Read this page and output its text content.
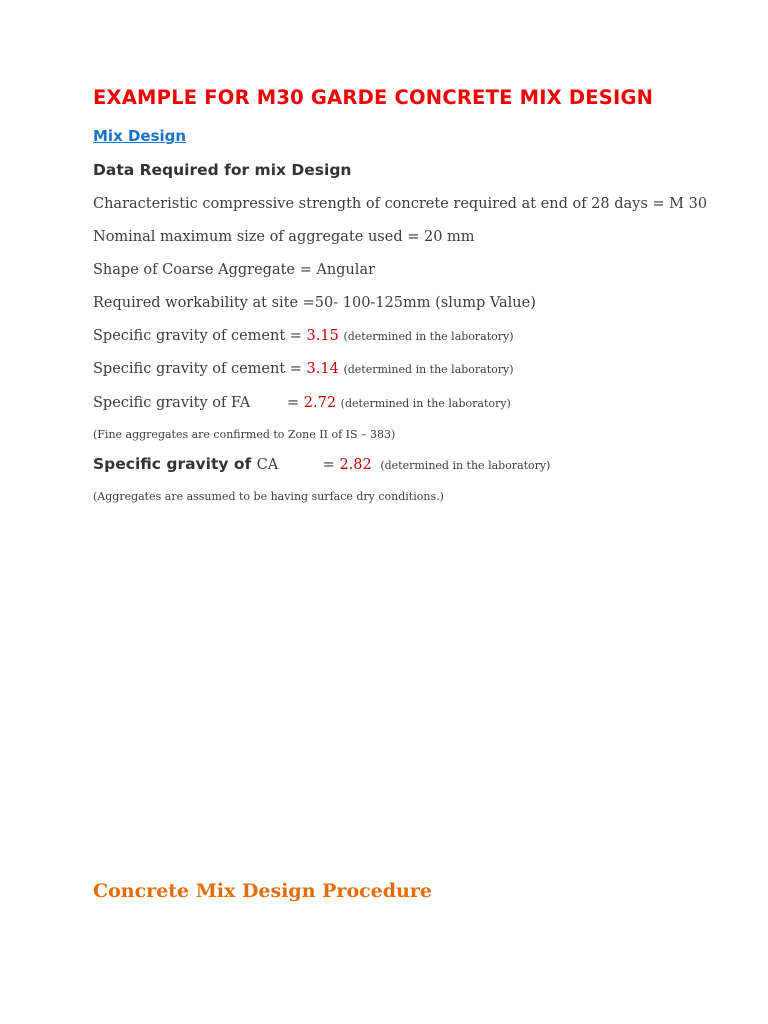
EXAMPLE FOR M30 GARDE CONCRETE MIX DESIGN
Mix Design
Data Required for mix Design
Characteristic compressive strength of concrete required at end of 28 days = M 30
Nominal maximum size of aggregate used = 20 mm
Shape of Coarse Aggregate = Angular
Required workability at site =50- 100-125mm (slump Value)
Specific gravity of cement = 3.15 (determined in the laboratory)
Specific gravity of cement = 3.14 (determined in the laboratory)
Specific gravity of FA	= 2.72 (determined in the laboratory)
(Fine aggregates are confirmed to Zone II of IS – 383)
Specific gravity of CA	= 2.82 (determined in the laboratory)
(Aggregates are assumed to be having surface dry conditions.)
Concrete Mix Design Procedure
